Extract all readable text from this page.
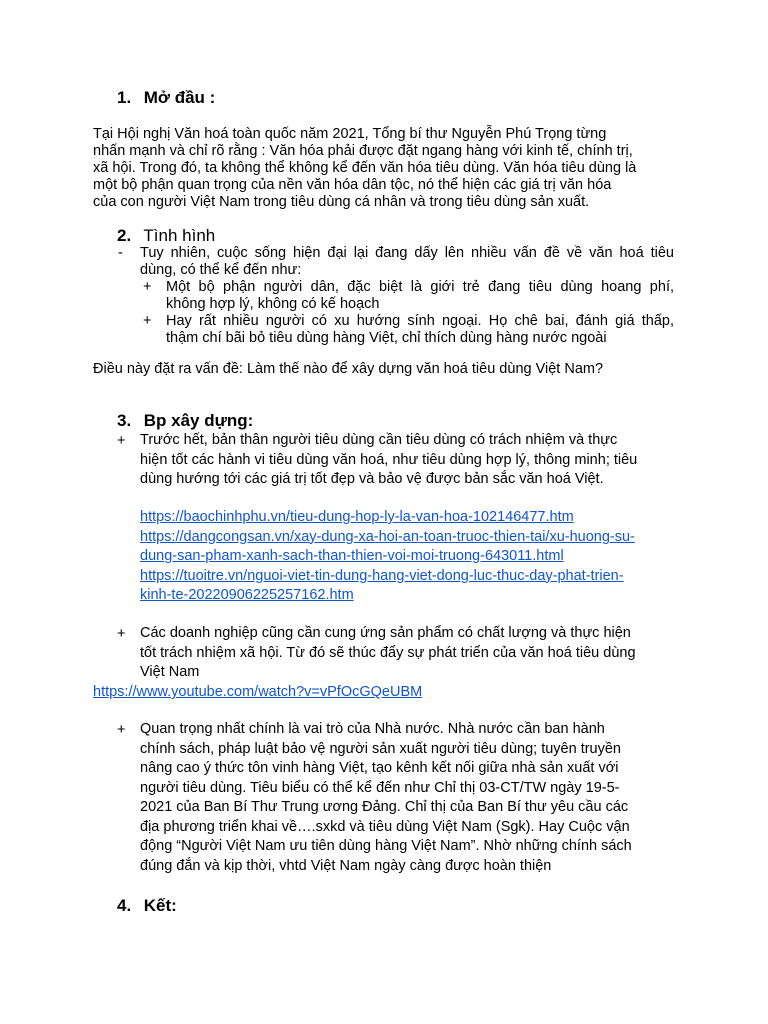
1. Mở đầu :
Tại Hội nghị Văn hoá toàn quốc năm 2021, Tổng bí thư Nguyễn Phú Trọng từng
nhấn mạnh và chỉ rõ rằng : Văn hóa phải được đặt ngang hàng với kinh tế, chính trị,
xã hội. Trong đó, ta không thể không kể đến văn hóa tiêu dùng. Văn hóa tiêu dùng là
một bộ phận quan trọng của nền văn hóa dân tộc, nó thể hiện các giá trị văn hóa
của con người Việt Nam trong tiêu dùng cá nhân và trong tiêu dùng sản xuất.
2. Tình hình
- Tuy nhiên, cuộc sống hiện đại lại đang dấy lên nhiều vấn đề về văn hoá tiêu
dùng, có thể kể đến như:
+ Một bộ phận người dân, đặc biệt là giới trẻ đang tiêu dùng hoang phí,
không hợp lý, không có kế hoạch
+ Hay rất nhiều người có xu hướng sính ngoại. Họ chê bai, đánh giá thấp,
thậm chí bãi bỏ tiêu dùng hàng Việt, chỉ thích dùng hàng nước ngoài
Điều này đặt ra vấn đề: Làm thế nào để xây dựng văn hoá tiêu dùng Việt Nam?
3. Bp xây dựng:
+ Trước hết, bản thân người tiêu dùng cần tiêu dùng có trách nhiệm và thực
hiện tốt các hành vi tiêu dùng văn hoá, như tiêu dùng hợp lý, thông minh; tiêu
dùng hướng tới các giá trị tốt đẹp và bảo vệ được bản sắc văn hoá Việt.
https://baochinhphu.vn/tieu-dung-hop-ly-la-van-hoa-102146477.htm
https://dangcongsan.vn/xay-dung-xa-hoi-an-toan-truoc-thien-tai/xu-huong-su-
dung-san-pham-xanh-sach-than-thien-voi-moi-truong-643011.html
https://tuoitre.vn/nguoi-viet-tin-dung-hang-viet-dong-luc-thuc-day-phat-trien-
kinh-te-20220906225257162.htm
+ Các doanh nghiệp cũng cần cung ứng sản phẩm có chất lượng và thực hiện
tốt trách nhiệm xã hội. Từ đó sẽ thúc đẩy sự phát triển của văn hoá tiêu dùng
Việt Nam
https://www.youtube.com/watch?v=vPfOcGQeUBM
+ Quan trọng nhất chính là vai trò của Nhà nước. Nhà nước cần ban hành
chính sách, pháp luật bảo vệ người sản xuất người tiêu dùng; tuyên truyền
nâng cao ý thức tôn vinh hàng Việt, tạo kênh kết nối giữa nhà sản xuất với
người tiêu dùng. Tiêu biểu có thể kể đến như Chỉ thị 03-CT/TW ngày 19-5-
2021 của Ban Bí Thư Trung ương Đảng. Chỉ thị của Ban Bí thư yêu cầu các
địa phương triển khai về….sxkd và tiêu dùng Việt Nam (Sgk). Hay Cuộc vận
động “Người Việt Nam ưu tiên dùng hàng Việt Nam”. Nhờ những chính sách
đúng đắn và kịp thời, vhtd Việt Nam ngày càng được hoàn thiện
4. Kết:
